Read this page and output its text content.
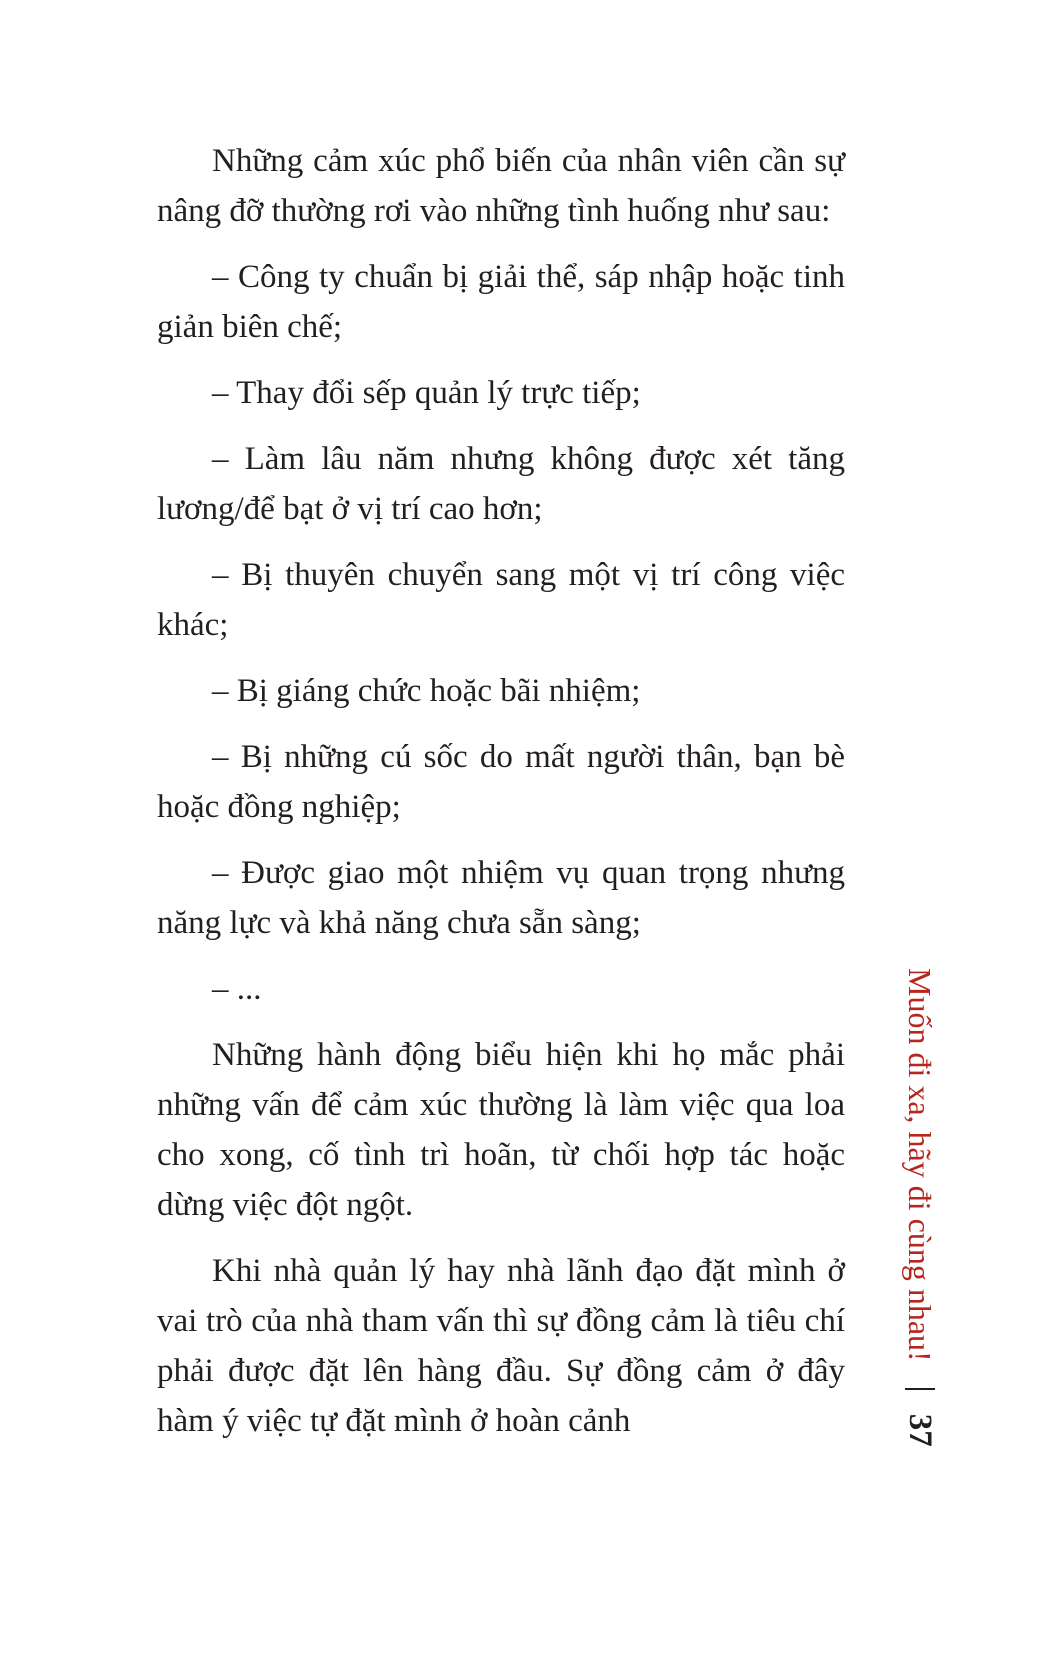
Những cảm xúc phổ biến của nhân viên cần sự nâng đỡ thường rơi vào những tình huống như sau:

– Công ty chuẩn bị giải thể, sáp nhập hoặc tinh giản biên chế;

– Thay đổi sếp quản lý trực tiếp;

– Làm lâu năm nhưng không được xét tăng lương/để bạt ở vị trí cao hơn;

– Bị thuyên chuyển sang một vị trí công việc khác;

– Bị giáng chức hoặc bãi nhiệm;

– Bị những cú sốc do mất người thân, bạn bè hoặc đồng nghiệp;

– Được giao một nhiệm vụ quan trọng nhưng năng lực và khả năng chưa sẵn sàng;

– ...

Những hành động biểu hiện khi họ mắc phải những vấn để cảm xúc thường là làm việc qua loa cho xong, cố tình trì hoãn, từ chối hợp tác hoặc dừng việc đột ngột.

Khi nhà quản lý hay nhà lãnh đạo đặt mình ở vai trò của nhà tham vấn thì sự đồng cảm là tiêu chí phải được đặt lên hàng đầu. Sự đồng cảm ở đây hàm ý việc tự đặt mình ở hoàn cảnh

Muốn đi xa, hãy đi cùng nhau!
37
